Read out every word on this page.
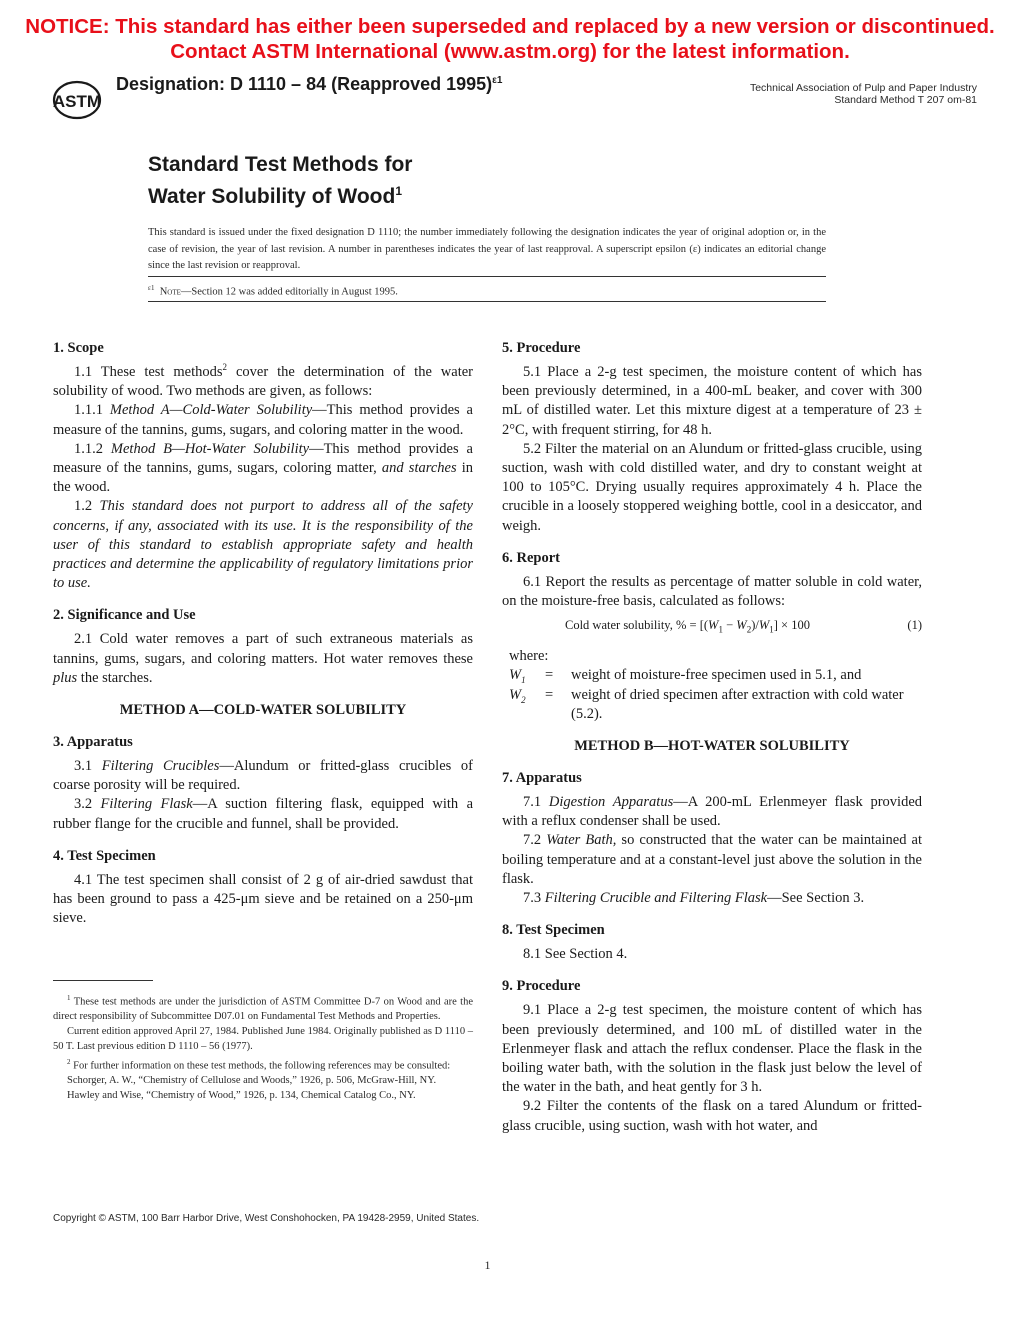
NOTICE: This standard has either been superseded and replaced by a new version or discontinued.
Contact ASTM International (www.astm.org) for the latest information.
ASTM
Designation: D 1110 – 84 (Reapproved 1995)$^{\varepsilon 1}$
Technical Association of Pulp and Paper Industry
Standard Method T 207 om-81
Standard Test Methods for
Water Solubility of Wood$^1$
This standard is issued under the fixed designation D 1110; the number immediately following the designation indicates the year of original adoption or, in the case of revision, the year of last revision. A number in parentheses indicates the year of last reapproval. A superscript epsilon (ε) indicates an editorial change since the last revision or reapproval.
$^{\varepsilon 1}$ Note—Section 12 was added editorially in August 1995.
1. Scope

1.1 These test methods$^2$ cover the determination of the water solubility of wood. Two methods are given, as follows:

1.1.1 Method A—Cold-Water Solubility—This method provides a measure of the tannins, gums, sugars, and coloring matter in the wood.

1.1.2 Method B—Hot-Water Solubility—This method provides a measure of the tannins, gums, sugars, coloring matter, and starches in the wood.

1.2 This standard does not purport to address all of the safety concerns, if any, associated with its use. It is the responsibility of the user of this standard to establish appropriate safety and health practices and determine the applicability of regulatory limitations prior to use.

2. Significance and Use

2.1 Cold water removes a part of such extraneous materials as tannins, gums, sugars, and coloring matters. Hot water removes these plus the starches.

METHOD A—COLD-WATER SOLUBILITY
3. Apparatus

3.1 Filtering Crucibles—Alundum or fritted-glass crucibles of coarse porosity will be required.

3.2 Filtering Flask—A suction filtering flask, equipped with a rubber flange for the crucible and funnel, shall be provided.

4. Test Specimen

4.1 The test specimen shall consist of 2 g of air-dried sawdust that has been ground to pass a 425-μm sieve and be retained on a 250-μm sieve.

$^1$ These test methods are under the jurisdiction of ASTM Committee D-7 on Wood and are the direct responsibility of Subcommittee D07.01 on Fundamental Test Methods and Properties.

Current edition approved April 27, 1984. Published June 1984. Originally published as D 1110 – 50 T. Last previous edition D 1110 – 56 (1977).

$^2$ For further information on these test methods, the following references may be consulted:

Schorger, A. W., “Chemistry of Cellulose and Woods,” 1926, p. 506, McGraw-Hill, NY.

Hawley and Wise, “Chemistry of Wood,” 1926, p. 134, Chemical Catalog Co., NY.

5. Procedure

5.1 Place a 2-g test specimen, the moisture content of which has been previously determined, in a 400-mL beaker, and cover with 300 mL of distilled water. Let this mixture digest at a temperature of 23 ± 2°C, with frequent stirring, for 48 h.

5.2 Filter the material on an Alundum or fritted-glass crucible, using suction, wash with cold distilled water, and dry to constant weight at 100 to 105°C. Drying usually requires approximately 4 h. Place the crucible in a loosely stoppered weighing bottle, cool in a desiccator, and weigh.

6. Report

6.1 Report the results as percentage of matter soluble in cold water, on the moisture-free basis, calculated as follows:

Cold water solubility, % = $[(W_1 - W_2)/W_1] \times 100$	(1)
where:
$W_1$	=	weight of moisture-free specimen used in 5.1, and
$W_2$	=	weight of dried specimen after extraction with cold water (5.2).
METHOD B—HOT-WATER SOLUBILITY
7. Apparatus

7.1 Digestion Apparatus—A 200-mL Erlenmeyer flask provided with a reflux condenser shall be used.

7.2 Water Bath, so constructed that the water can be maintained at boiling temperature and at a constant-level just above the solution in the flask.

7.3 Filtering Crucible and Filtering Flask—See Section 3.

8. Test Specimen

8.1 See Section 4.

9. Procedure

9.1 Place a 2-g test specimen, the moisture content of which has been previously determined, and 100 mL of distilled water in the Erlenmeyer flask and attach the reflux condenser. Place the flask in the boiling water bath, with the solution in the flask just below the level of the water in the bath, and heat gently for 3 h.

9.2 Filter the contents of the flask on a tared Alundum or fritted-glass crucible, using suction, wash with hot water, and

Copyright © ASTM, 100 Barr Harbor Drive, West Conshohocken, PA 19428-2959, United States.
1
